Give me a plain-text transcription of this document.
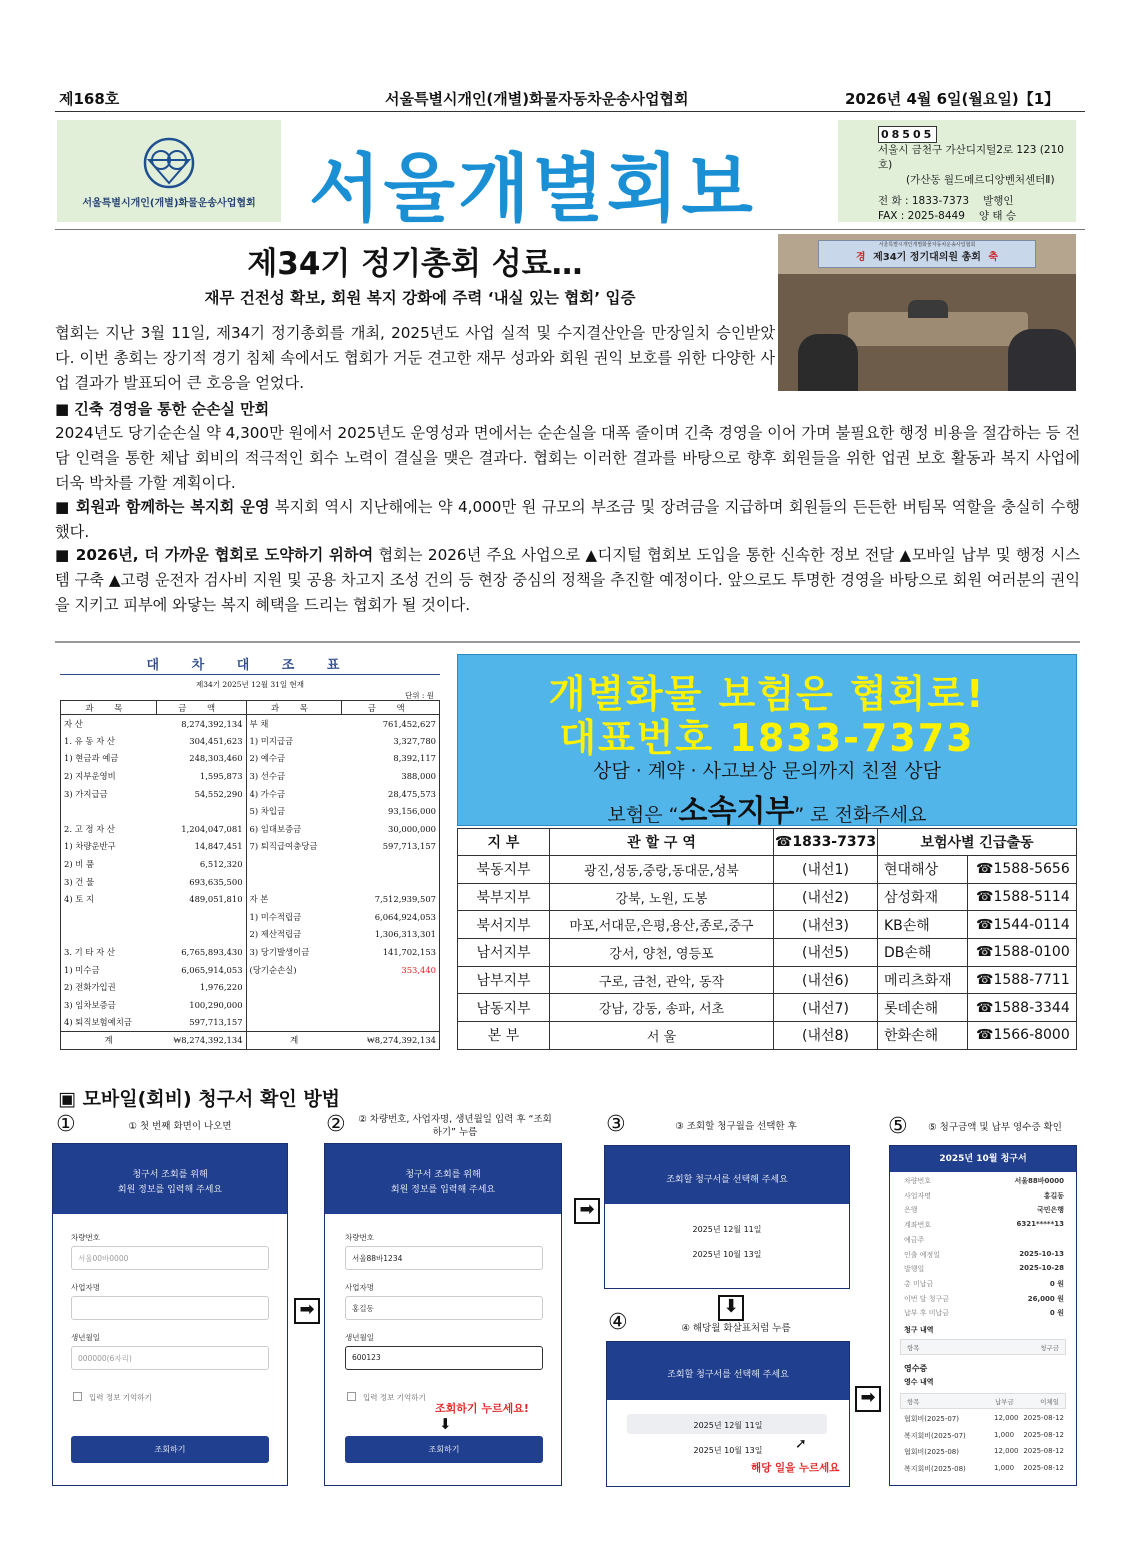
제168호	서울특별시개인(개별)화물자동차운송사업협회	2026년 4월 6일(월요일)【1】
서울특별시개인(개별)화물운송사업협회 서울개별회보
08505
서울시 금천구 가산디지털2로 123 (210호)
(가산동 월드메르디앙벤처센터Ⅱ)
전 화 : 1833-7373 발행인
FAX : 2025-8449 양 태 승
제34기 정기총회 성료…
재무 건전성 확보, 회원 복지 강화에 주력 ‘내실 있는 협회’ 입증
서울특별시개인개별화물자동차운송사업협회
경 제34기 정기대의원 총회 축
협회는 지난 3월 11일, 제34기 정기총회를 개최, 2025년도 사업 실적 및 수지결산안을 만장일치 승인받았다. 이번 총회는 장기적 경기 침체 속에서도 협회가 거둔 견고한 재무 성과와 회원 권익 보호를 위한 다양한 사업 결과가 발표되어 큰 호응을 얻었다.
■ 긴축 경영을 통한 순손실 만회
2024년도 당기순손실 약 4,300만 원에서 2025년도 운영성과 면에서는 순손실을 대폭 줄이며 긴축 경영을 이어 가며 불필요한 행정 비용을 절감하는 등 전담 인력을 통한 체납 회비의 적극적인 회수 노력이 결실을 맺은 결과다. 협회는 이러한 결과를 바탕으로 향후 회원들을 위한 업권 보호 활동과 복지 사업에 더욱 박차를 가할 계획이다.
■ 회원과 함께하는 복지회 운영 복지회 역시 지난해에는 약 4,000만 원 규모의 부조금 및 장려금을 지급하며 회원들의 든든한 버팀목 역할을 충실히 수행했다.
■ 2026년, 더 가까운 협회로 도약하기 위하여 협회는 2026년 주요 사업으로 ▲디지털 협회보 도입을 통한 신속한 정보 전달 ▲모바일 납부 및 행정 시스템 구축 ▲고령 운전자 검사비 지원 및 공용 차고지 조성 건의 등 현장 중심의 정책을 추진할 예정이다. 앞으로도 투명한 경영을 바탕으로 회원 여러분의 권익을 지키고 피부에 와닿는 복지 혜택을 드리는 협회가 될 것이다.
대 차 대 조 표
제34기 2025년 12월 31일 현재
단위 : 원
과 목	금 액	과 목	금 액
자 산	8,274,392,134	부 채	761,452,627
1. 유 동 자 산	304,451,623	1) 미지급금	3,327,780
1) 현금과 예금	248,303,460	2) 예수금	8,392,117
2) 지부운영비	1,595,873	3) 선수금	388,000
3) 가지급금	54,552,290	4) 가수금	28,475,573
		5) 차입금	93,156,000
2. 고 정 자 산	1,204,047,081	6) 임대보증금	30,000,000
1) 차량운반구	14,847,451	7) 퇴직급여충당금	597,713,157
2) 비 품	6,512,320		
3) 건 물	693,635,500		
4) 토 지	489,051,810	자 본	7,512,939,507
		1) 미수적립금	6,064,924,053
		2) 제산적립금	1,306,313,301
3. 기 타 자 산	6,765,893,430	3) 당기발생이금	141,702,153
1) 미수금	6,065,914,053	(당기순손실)	353,440
2) 전화가입권	1,976,220		
3) 임차보증금	100,290,000		
4) 퇴직보험예치금	597,713,157		
계	₩8,274,392,134	계	₩8,274,392,134
개별화물 보험은 협회로!
대표번호 1833-7373
상담 · 계약 · 사고보상 문의까지 친절 상담
보험은 “소속지부” 로 전화주세요
지 부	관 할 구 역	☎1833-7373	보험사별 긴급출동	
북동지부	광진,성동,중랑,동대문,성북	(내선1)	현대해상	☎1588-5656
북부지부	강북, 노원, 도봉	(내선2)	삼성화재	☎1588-5114
북서지부	마포,서대문,은평,용산,종로,중구	(내선3)	KB손해	☎1544-0114
남서지부	강서, 양천, 영등포	(내선5)	DB손해	☎1588-0100
남부지부	구로, 금천, 관악, 동작	(내선6)	메리츠화재	☎1588-7711
남동지부	강남, 강동, 송파, 서초	(내선7)	롯데손해	☎1588-3344
본 부	서 울	(내선8)	한화손해	☎1566-8000
▣ 모바일(회비) 청구서 확인 방법
①	① 첫 번째 화면이 나오면	②	② 차량번호, 사업자명, 생년월일 입력 후 “조회하기” 누름	③	③ 조회할 청구월을 선택한 후
④	④ 해당월 화살표처럼 누름
⑤	⑤ 청구금액 및 납부 영수증 확인
청구서 조회를 위해
회원 정보를 입력해 주세요
차량번호
서울00바0000
사업자명
생년월일
000000(6자리)
입력 정보 기억하기
조회하기
➡
청구서 조회를 위해
회원 정보를 입력해 주세요
차량번호
서울88바1234
사업자명
홍길동
생년월일
600123
입력 정보 기억하기
조회하기 누르세요!
⬇
조회하기
➡
조회할 청구서를 선택해 주세요
2025년 12월 11일
2025년 10월 13일
⬇
조회할 청구서를 선택해 주세요
2025년 12월 11일
2025년 10월 13일	➚
해당 일을 누르세요
➡
2025년 10월 청구서
차량번호	서울88바0000
사업자명	홍길동
은행	국민은행
계좌번호	6321*****13
예금주
인출 예정일	2025-10-13
발행일	2025-10-28
총 미납금	0 원
이번 달 청구금	26,000 원
납부 후 미납금	0 원
청구 내역
항목	청구금
영수증
영수 내역
항목	납부금	이체일
협회비(2025-07)	12,000 2025-08-12
복지회비(2025-07)	1,000 2025-08-12
협회비(2025-08)	12,000 2025-08-12
복지회비(2025-08)	1,000 2025-08-12
